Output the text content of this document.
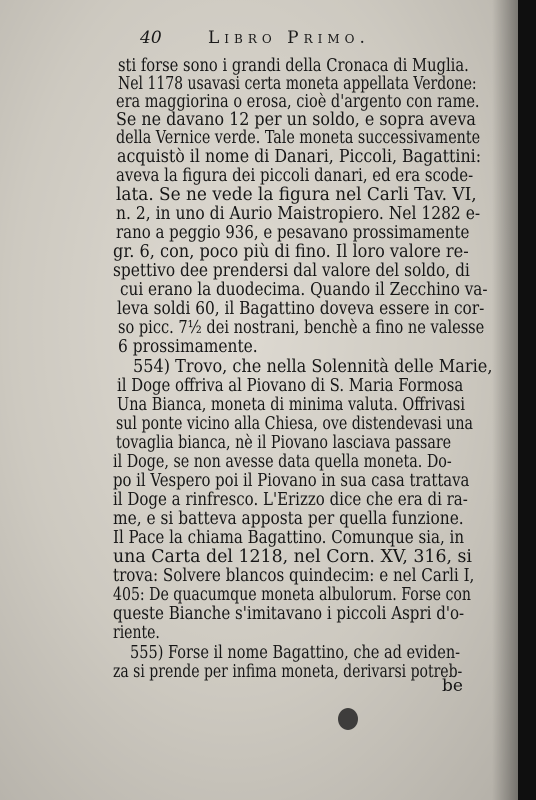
40	Libro Primo.
sti forse sono i grandi della Cronaca di Muglia.
Nel 1178 usavasi certa moneta appellata Verdone:
era maggiorina o erosa, cioè d'argento con rame.
Se ne davano 12 per un soldo, e sopra aveva
della Vernice verde. Tale moneta successivamente
acquistò il nome di Danari, Piccoli, Bagattini:
aveva la figura dei piccoli danari, ed era scode-
lata. Se ne vede la figura nel Carli Tav. VI,
n. 2, in uno di Aurio Maistropiero. Nel 1282 e-
rano a peggio 936, e pesavano prossimamente
gr. 6, con, poco più di fino. Il loro valore re-
spettivo dee prendersi dal valore del soldo, di
cui erano la duodecima. Quando il Zecchino va-
leva soldi 60, il Bagattino doveva essere in cor-
so picc. 7½ dei nostrani, benchè a fino ne valesse
6 prossimamente.
554) Trovo, che nella Solennità delle Marie,
il Doge offriva al Piovano di S. Maria Formosa
Una Bianca, moneta di minima valuta. Offrivasi
sul ponte vicino alla Chiesa, ove distendevasi una
tovaglia bianca, nè il Piovano lasciava passare
il Doge, se non avesse data quella moneta. Do-
po il Vespero poi il Piovano in sua casa trattava
il Doge a rinfresco. L'Erizzo dice che era di ra-
me, e si batteva apposta per quella funzione.
Il Pace la chiama Bagattino. Comunque sia, in
una Carta del 1218, nel Corn. XV, 316, si
trova: Solvere blancos quindecim: e nel Carli I,
405: De quacumque moneta albulorum. Forse con
queste Bianche s'imitavano i piccoli Aspri d'o-
riente.
555) Forse il nome Bagattino, che ad eviden-
za si prende per infima moneta, derivarsi potreb-
be
